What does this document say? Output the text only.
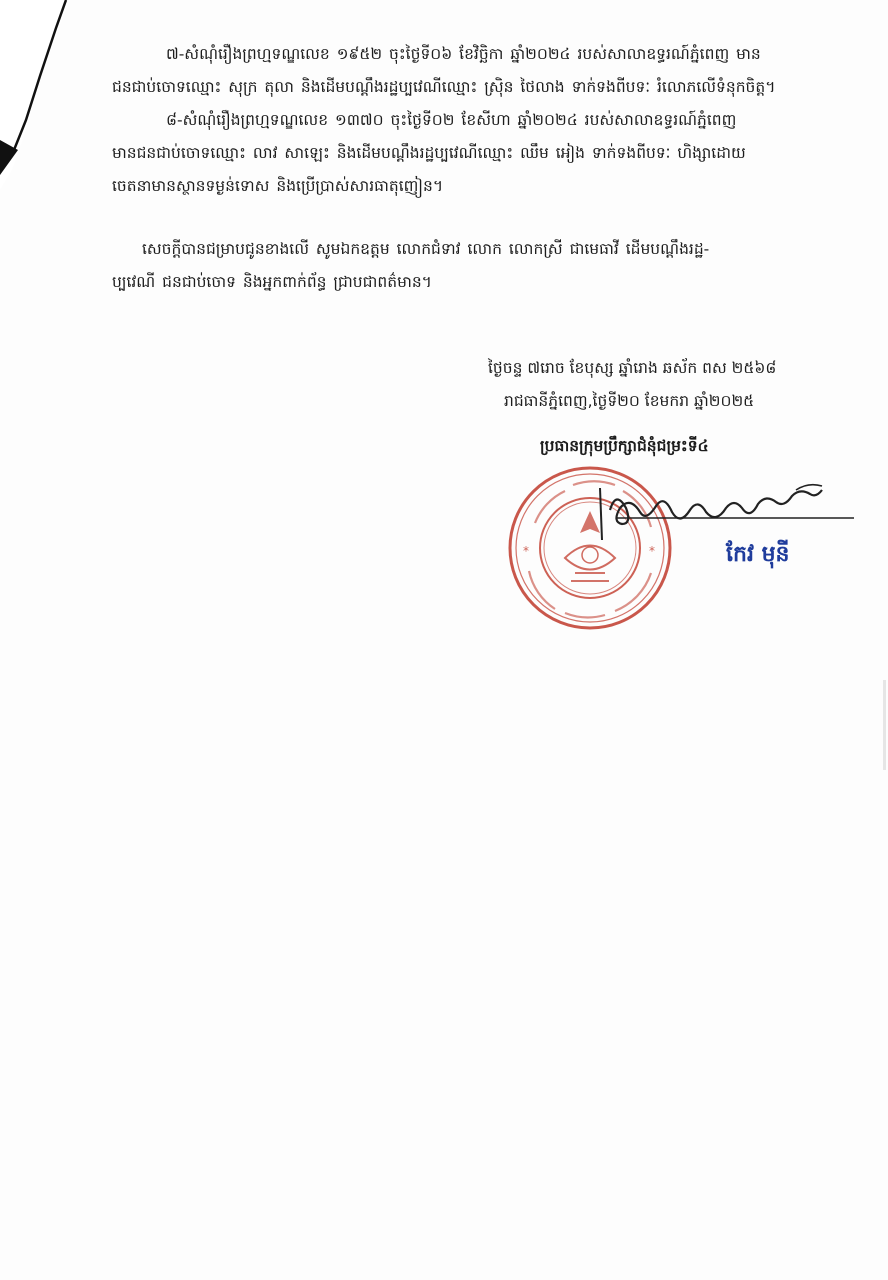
៧-សំណុំរឿងព្រហ្មទណ្ឌលេខ ១៩៥២ ចុះថ្ងៃទី០៦ ខែវិច្ឆិកា ឆ្នាំ២០២៤ របស់សាលាឧទ្ធរណ៍ភ្នំពេញ មាន
ជនជាប់ចោទឈ្មោះ សុក្រ តុលា និងដើមបណ្ដឹងរដ្ឋប្បវេណីឈ្មោះ ស្រ៊ិន ថៃលាង ទាក់ទងពីបទៈ រំលោភលើទំនុកចិត្ត។

៨-សំណុំរឿងព្រហ្មទណ្ឌលេខ ១៣៧០ ចុះថ្ងៃទី០២ ខែសីហា ឆ្នាំ២០២៤ របស់សាលាឧទ្ធរណ៍ភ្នំពេញ
មានជនជាប់ចោទឈ្មោះ លាវ សាឡេះ និងដើមបណ្ដឹងរដ្ឋប្បវេណីឈ្មោះ ឈឹម អៀង ទាក់ទងពីបទៈ ហិង្សាដោយ
ចេតនាមានស្ថានទម្ងន់ទោស និងប្រើប្រាស់សារធាតុញៀន។

សេចក្តីបានជម្រាបជូនខាងលើ សូមឯកឧត្តម លោកជំទាវ លោក លោកស្រី ជាមេធាវី ដើមបណ្តឹងរដ្ឋ-
ប្បវេណី ជនជាប់ចោទ និងអ្នកពាក់ព័ន្ធ ជ្រាបជាពត៌មាន។

ថ្ងៃចន្ទ ៧រោច ខែបុស្ស ឆ្នាំរោង ឆស័ក ពស ២៥៦៨
រាជធានីភ្នំពេញ,ថ្ងៃទី២០ ខែមករា ឆ្នាំ២០២៥
ប្រធានក្រុមប្រឹក្សាជំនុំជម្រះទី៤
*	*	កែវ មុនី
